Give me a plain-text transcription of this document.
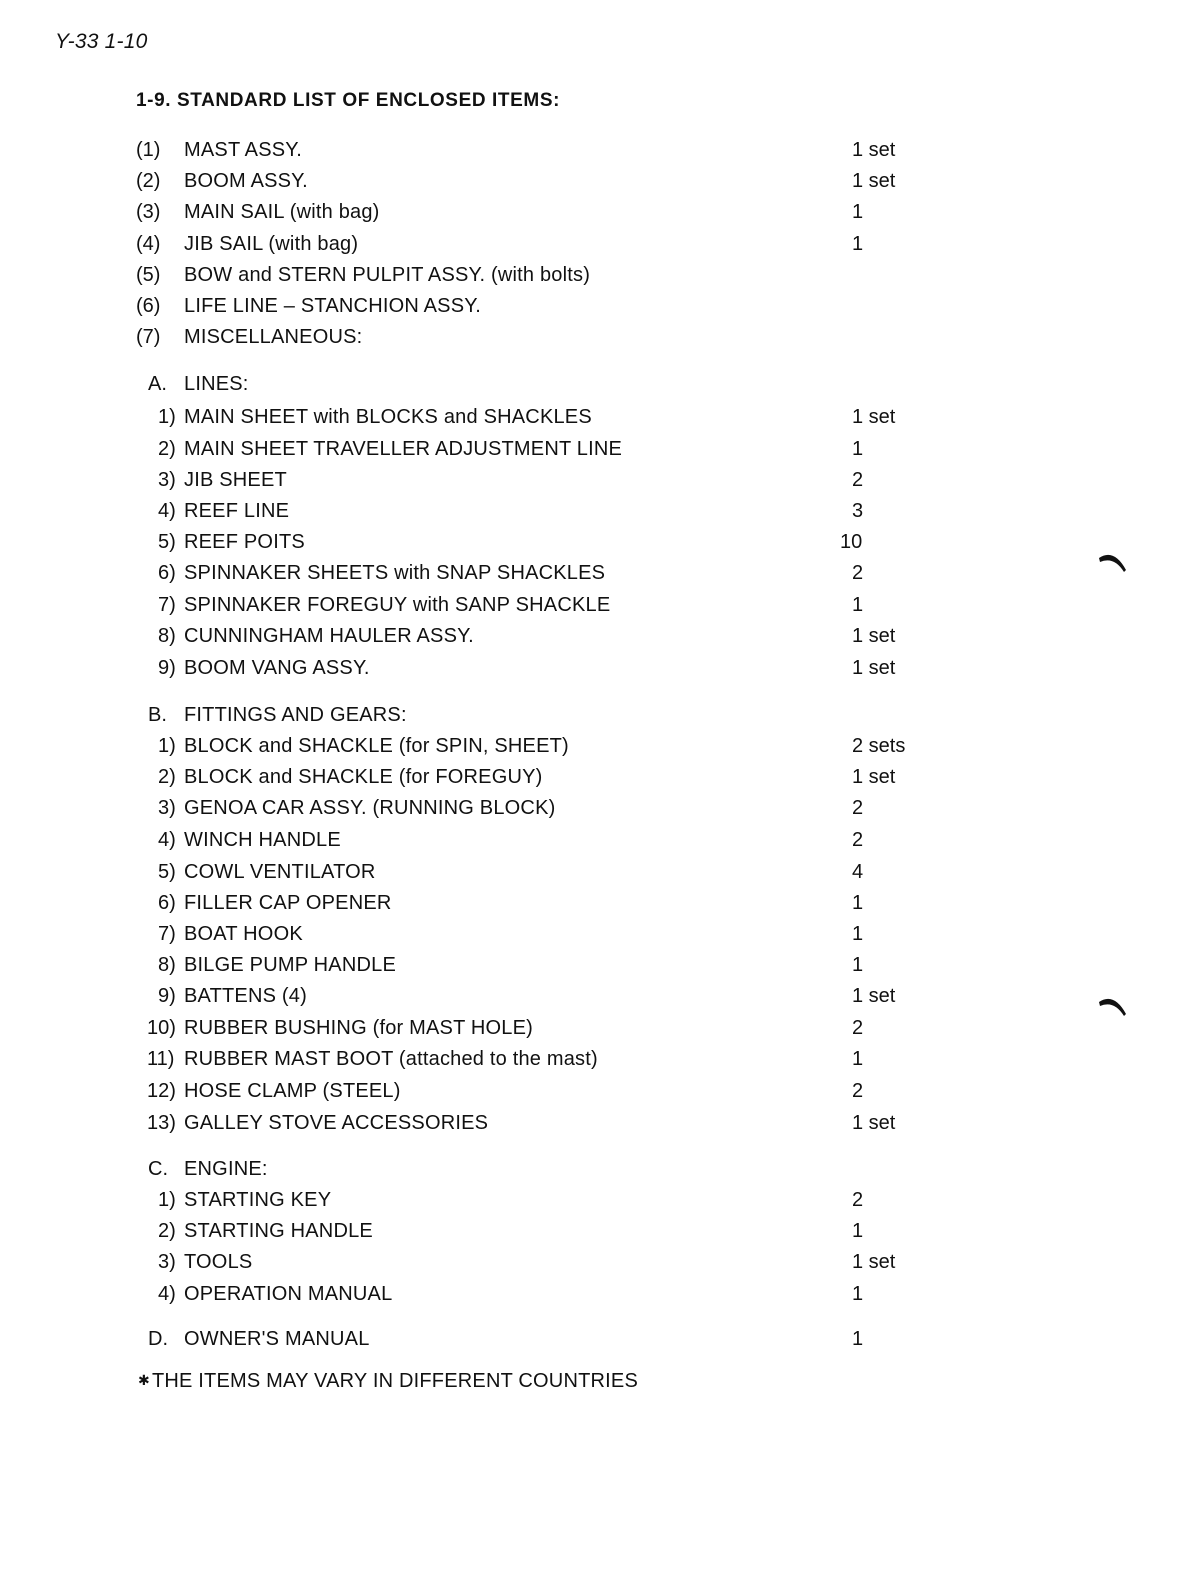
Y-33 1-10
1-9. STANDARD LIST OF ENCLOSED ITEMS:
(1) MAST ASSY.	1 set
(2) BOOM ASSY.	1 set
(3) MAIN SAIL (with bag)	1
(4) JIB SAIL (with bag)	1
(5) BOW and STERN PULPIT ASSY. (with bolts)
(6) LIFE LINE – STANCHION ASSY.
(7) MISCELLANEOUS:
A. LINES:
1) MAIN SHEET with BLOCKS and SHACKLES	1 set
2) MAIN SHEET TRAVELLER ADJUSTMENT LINE	1
3) JIB SHEET	2
4) REEF LINE	3
5) REEF POITS	10
6) SPINNAKER SHEETS with SNAP SHACKLES	2
7) SPINNAKER FOREGUY with SANP SHACKLE	1
8) CUNNINGHAM HAULER ASSY.	1 set
9) BOOM VANG ASSY.	1 set
B. FITTINGS AND GEARS:
1) BLOCK and SHACKLE (for SPIN, SHEET)	2 sets
2) BLOCK and SHACKLE (for FOREGUY)	1 set
3) GENOA CAR ASSY. (RUNNING BLOCK)	2
4) WINCH HANDLE	2
5) COWL VENTILATOR	4
6) FILLER CAP OPENER	1
7) BOAT HOOK	1
8) BILGE PUMP HANDLE	1
9) BATTENS (4)	1 set
10) RUBBER BUSHING (for MAST HOLE)	2
11) RUBBER MAST BOOT (attached to the mast)	1
12) HOSE CLAMP (STEEL)	2
13) GALLEY STOVE ACCESSORIES	1 set
C. ENGINE:
1) STARTING KEY	2
2) STARTING HANDLE	1
3) TOOLS	1 set
4) OPERATION MANUAL	1
D. OWNER'S MANUAL	1
✱ THE ITEMS MAY VARY IN DIFFERENT COUNTRIES
